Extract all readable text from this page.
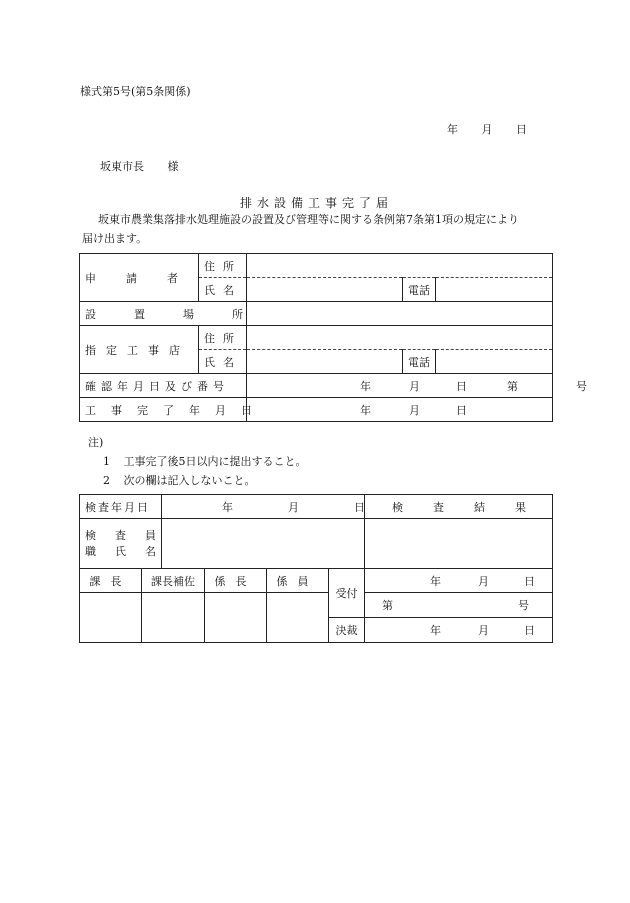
様式第5号(第5条関係)
年 月 日
坂東市長 様
排水設備工事完了届
坂東市農業集落排水処理施設の設置及び管理等に関する条例第7条第1項の規定により
届け出ます。
申請者	住所			
	氏名		電話	
設置場所				
指定工事店	住所			
	氏名		電話	
確認年月日及び番号		年 月 日 第 号		

工事完了年月日		年 月 日		
注)
1 工事完了後5日以内に提出すること。
2 次の欄は記入しないこと。
検査年月日		年 月 日				検査結果

検査員
職氏名						

課長	課長補佐		係長	係員	受付	年 月 日

						第 号

					決裁	年 月 日
